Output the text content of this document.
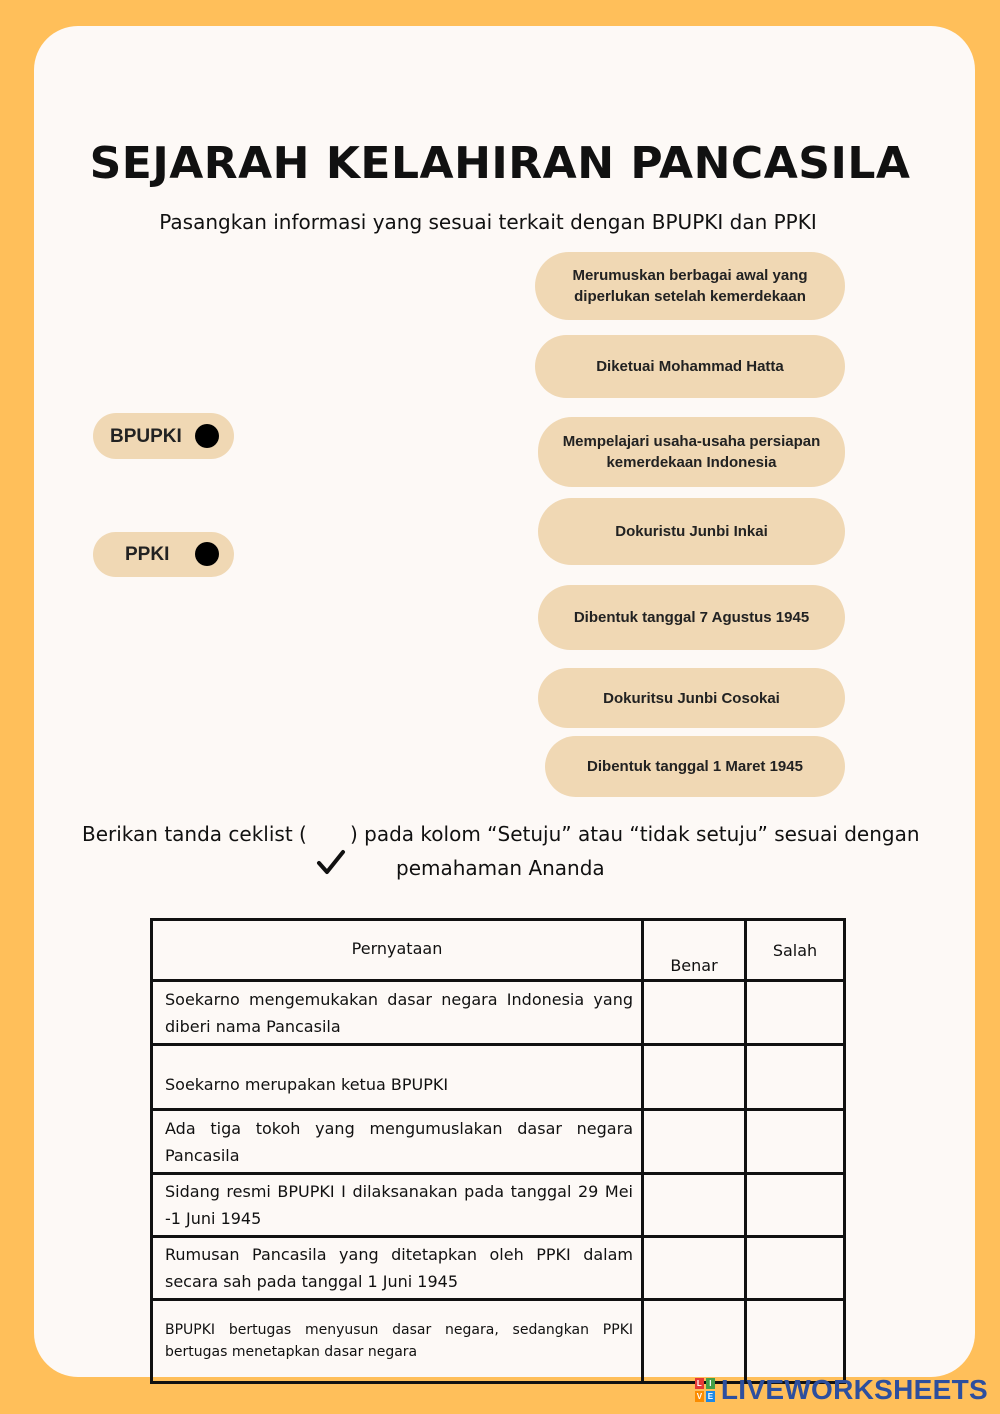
SEJARAH KELAHIRAN PANCASILA
Pasangkan informasi yang sesuai terkait dengan BPUPKI dan PPKI
Merumuskan berbagai awal yang diperlukan setelah kemerdekaan
Diketuai Mohammad Hatta
Mempelajari usaha-usaha persiapan kemerdekaan Indonesia
Dokuristu Junbi Inkai
Dibentuk tanggal 7 Agustus 1945
Dokuritsu Junbi Cosokai
Dibentuk tanggal 1 Maret 1945
BPUPKI
PPKI
Berikan tanda ceklist ( ) pada kolom “Setuju” atau “tidak setuju” sesuai dengan
pemahaman Ananda
Pernyataan	Benar	Salah
Soekarno mengemukakan dasar negara Indonesia yang diberi nama Pancasila		
Soekarno merupakan ketua BPUPKI		
Ada tiga tokoh yang mengumuslakan dasar negara Pancasila		
Sidang resmi BPUPKI I dilaksanakan pada tanggal 29 Mei -1 Juni 1945		
Rumusan Pancasila yang ditetapkan oleh PPKI dalam secara sah pada tanggal 1 Juni 1945		
BPUPKI bertugas menyusun dasar negara, sedangkan PPKI bertugas menetapkan dasar negara		
L I
V E LIVEWORKSHEETS
